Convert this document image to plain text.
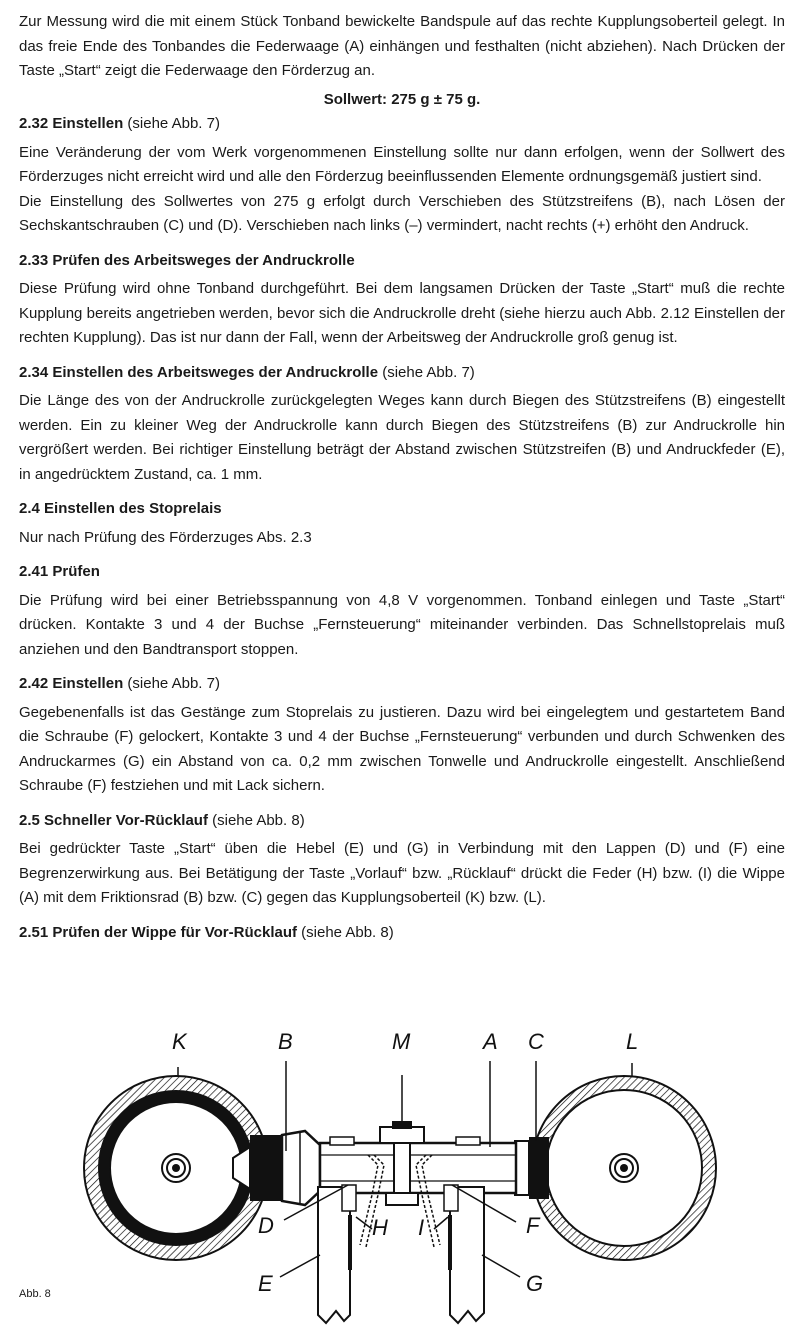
Zur Messung wird die mit einem Stück Tonband bewickelte Bandspule auf das rechte Kupplungsoberteil gelegt. In das freie Ende des Tonbandes die Federwaage (A) einhängen und festhalten (nicht abziehen). Nach Drücken der Taste „Start“ zeigt die Federwaage den Förderzug an.

Sollwert: 275 g ± 75 g.

2.32 Einstellen (siehe Abb. 7)

Eine Veränderung der vom Werk vorgenommenen Einstellung sollte nur dann erfolgen, wenn der Sollwert des Förderzuges nicht erreicht wird und alle den Förderzug beeinflussenden Elemente ordnungsgemäß justiert sind.

Die Einstellung des Sollwertes von 275 g erfolgt durch Verschieben des Stützstreifens (B), nach Lösen der Sechskantschrauben (C) und (D). Verschieben nach links (–) vermindert, nacht rechts (+) erhöht den Andruck.

2.33 Prüfen des Arbeitsweges der Andruckrolle

Diese Prüfung wird ohne Tonband durchgeführt. Bei dem langsamen Drücken der Taste „Start“ muß die rechte Kupplung bereits angetrieben werden, bevor sich die Andruckrolle dreht (siehe hierzu auch Abb. 2.12 Einstellen der rechten Kupplung). Das ist nur dann der Fall, wenn der Arbeitsweg der Andruckrolle groß genug ist.

2.34 Einstellen des Arbeitsweges der Andruckrolle (siehe Abb. 7)

Die Länge des von der Andruckrolle zurückgelegten Weges kann durch Biegen des Stützstreifens (B) eingestellt werden. Ein zu kleiner Weg der Andruckrolle kann durch Biegen des Stützstreifens (B) zur Andruckrolle hin vergrößert werden. Bei richtiger Einstellung beträgt der Abstand zwischen Stützstreifen (B) und Andruckfeder (E), in angedrücktem Zustand, ca. 1 mm.

2.4 Einstellen des Stoprelais

Nur nach Prüfung des Förderzuges Abs. 2.3

2.41 Prüfen

Die Prüfung wird bei einer Betriebsspannung von 4,8 V vorgenommen. Tonband einlegen und Taste „Start“ drücken. Kontakte 3 und 4 der Buchse „Fernsteuerung“ miteinander verbinden. Das Schnellstoprelais muß anziehen und den Bandtransport stoppen.

2.42 Einstellen (siehe Abb. 7)

Gegebenenfalls ist das Gestänge zum Stoprelais zu justieren. Dazu wird bei eingelegtem und gestartetem Band die Schraube (F) gelockert, Kontakte 3 und 4 der Buchse „Fernsteuerung“ verbunden und durch Schwenken des Andruckarmes (G) ein Abstand von ca. 0,2 mm zwischen Tonwelle und Andruckrolle eingestellt. Anschließend Schraube (F) festziehen und mit Lack sichern.

2.5 Schneller Vor-Rücklauf (siehe Abb. 8)

Bei gedrückter Taste „Start“ üben die Hebel (E) und (G) in Verbindung mit den Lappen (D) und (F) eine Begrenzerwirkung aus. Bei Betätigung der Taste „Vorlauf“ bzw. „Rücklauf“ drückt die Feder (H) bzw. (I) die Wippe (A) mit dem Friktionsrad (B) bzw. (C) gegen das Kupplungsoberteil (K) bzw. (L).

2.51 Prüfen der Wippe für Vor-Rücklauf (siehe Abb. 8)
K	B	M	A C	L
D	H I	F
E	G
Abb. 8
